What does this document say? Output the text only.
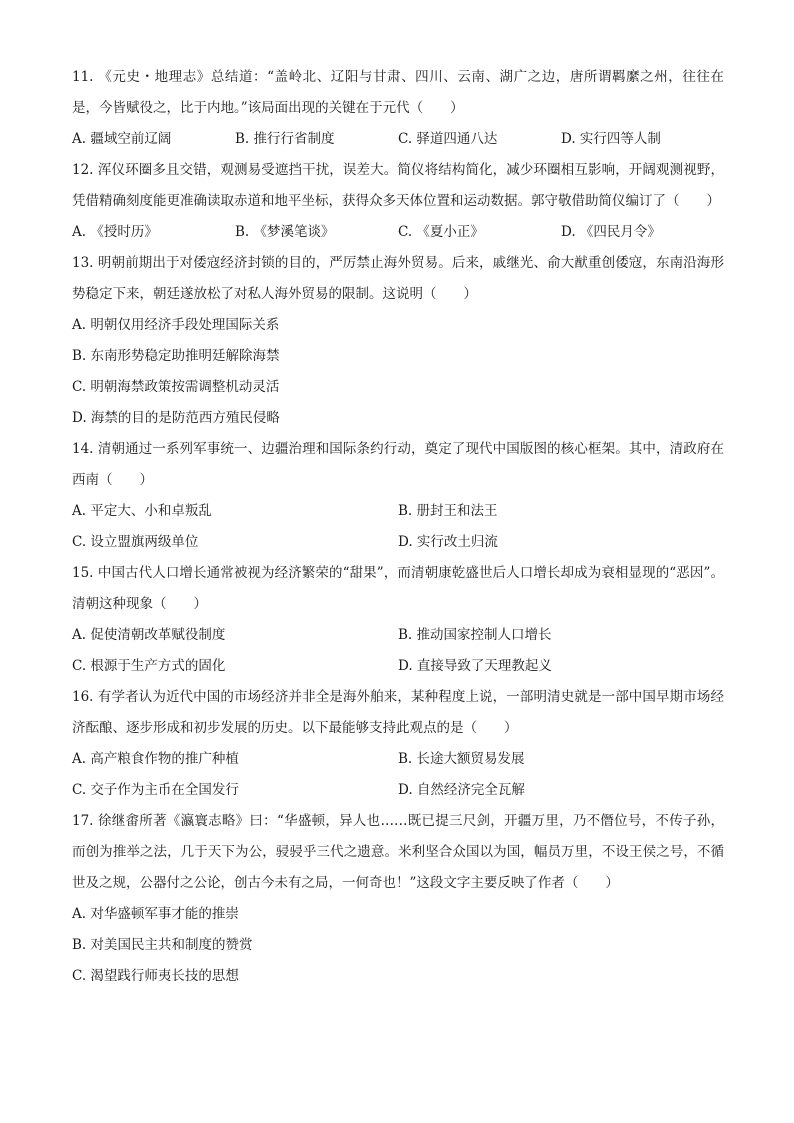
11. 《元史・地理志》总结道：“盖岭北、辽阳与甘肃、四川、云南、湖广之边，唐所谓羁縻之州，往往在是，今皆赋役之，比于内地。”该局面出现的关键在于元代（　　）

A. 疆域空前辽阔	B. 推行行省制度	C. 驿道四通八达	D. 实行四等人制

12. 浑仪环圈多且交错，观测易受遮挡干扰，误差大。简仪将结构简化，减少环圈相互影响，开阔观测视野，凭借精确刻度能更准确读取赤道和地平坐标，获得众多天体位置和运动数据。郭守敬借助简仪编订了（　　）

A. 《授时历》	B. 《梦溪笔谈》	C. 《夏小正》	D. 《四民月令》

13. 明朝前期出于对倭寇经济封锁的目的，严厉禁止海外贸易。后来，戚继光、俞大猷重创倭寇，东南沿海形势稳定下来，朝廷遂放松了对私人海外贸易的限制。这说明（　　）

A. 明朝仅用经济手段处理国际关系
B. 东南形势稳定助推明廷解除海禁
C. 明朝海禁政策按需调整机动灵活
D. 海禁的目的是防范西方殖民侵略

14. 清朝通过一系列军事统一、边疆治理和国际条约行动，奠定了现代中国版图的核心框架。其中，清政府在西南（　　）

A. 平定大、小和卓叛乱	B. 册封王和法王
C. 设立盟旗两级单位	D. 实行改土归流

15. 中国古代人口增长通常被视为经济繁荣的“甜果”，而清朝康乾盛世后人口增长却成为衰相显现的“恶因”。清朝这种现象（　　）

A. 促使清朝改革赋役制度	B. 推动国家控制人口增长
C. 根源于生产方式的固化	D. 直接导致了天理教起义

16. 有学者认为近代中国的市场经济并非全是海外舶来，某种程度上说，一部明清史就是一部中国早期市场经济酝酿、逐步形成和初步发展的历史。以下最能够支持此观点的是（　　）

A. 高产粮食作物的推广种植	B. 长途大额贸易发展
C. 交子作为主币在全国发行	D. 自然经济完全瓦解

17. 徐继畬所著《瀛寰志略》曰：“华盛顿，异人也……既已提三尺剑，开疆万里，乃不僭位号，不传子孙，而创为推举之法，几于天下为公，骎骎乎三代之遗意。米利坚合众国以为国，幅员万里，不设王侯之号，不循世及之规，公器付之公论，创古今未有之局，一何奇也！”这段文字主要反映了作者（　　）

A. 对华盛顿军事才能的推崇
B. 对美国民主共和制度的赞赏
C. 渴望践行师夷长技的思想
